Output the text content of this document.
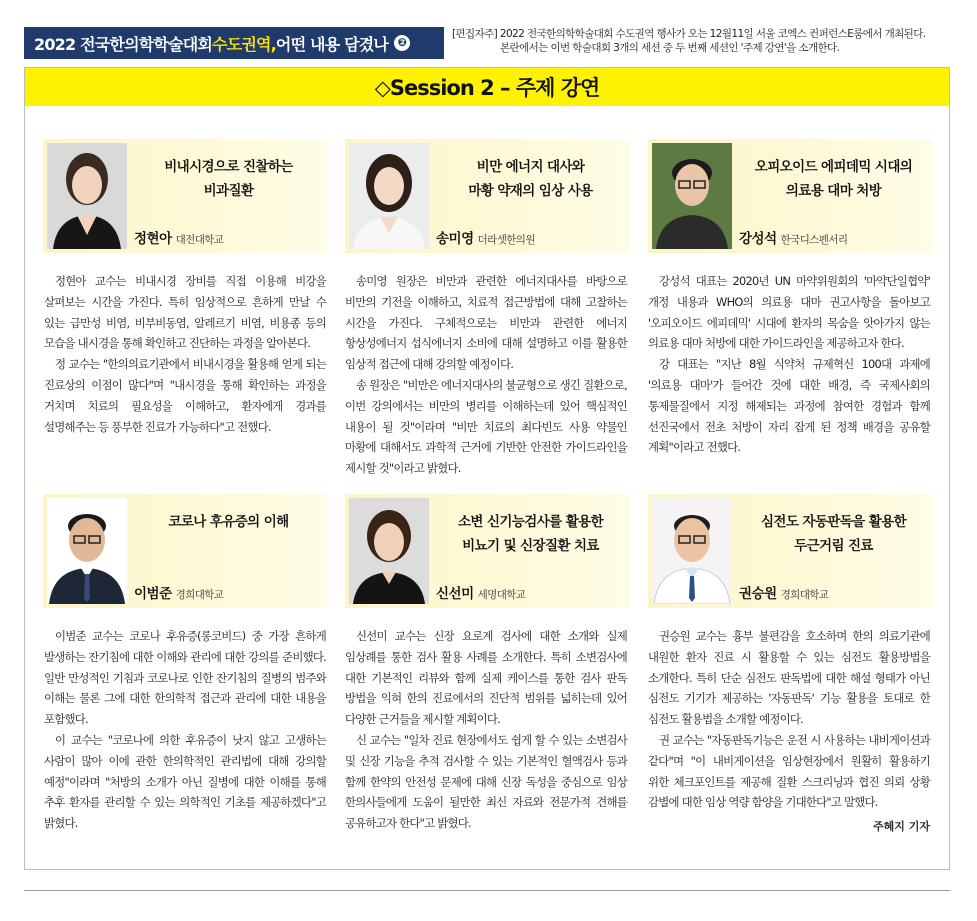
2022 전국한의학학술대회 수도권역, 어떤 내용 담겼나 ❷
[편집자주] 2022 전국한의학학술대회 수도권역 행사가 오는 12월11일 서울 코엑스 컨퍼런스E룸에서 개최된다.
본란에서는 이번 학술대회 3개의 세션 중 두 번째 세션인 '주제 강연'을 소개한다.
◇Session 2 – 주제 강연
비내시경으로 진찰하는
비과질환
정현아 대전대학교
비만 에너지 대사와
마황 약재의 임상 사용
송미영 더라셋한의원
오피오이드 에피데믹 시대의
의료용 대마 처방
강성석 한국디스펜서리
코로나 후유증의 이해
이범준 경희대학교
소변 신기능검사를 활용한
비뇨기 및 신장질환 치료
신선미 세명대학교
심전도 자동판독을 활용한
두근거림 진료
권승원 경희대학교

정현아 교수는 비내시경 장비를 직접 이용해 비강을 살펴보는 시간을 가진다. 특히 임상적으로 흔하게 만날 수 있는 급만성 비염, 비부비동염, 알레르기 비염, 비용종 등의 모습을 내시경을 통해 확인하고 진단하는 과정을 알아본다.

정 교수는 "한의의료기관에서 비내시경을 활용해 얻게 되는 진료상의 이점이 많다"며 "내시경을 통해 확인하는 과정을 거치며 치료의 필요성을 이해하고, 환자에게 경과를 설명해주는 등 풍부한 진료가 가능하다"고 전했다.

송미영 원장은 비만과 관련한 에너지대사를 바탕으로 비만의 기전을 이해하고, 치료적 접근방법에 대해 고찰하는 시간을 가진다. 구체적으로는 비만과 관련한 에너지 항상성에너지 섭식에너지 소비에 대해 설명하고 이를 활용한 임상적 접근에 대해 강의할 예정이다.

송 원장은 "비만은 에너지대사의 불균형으로 생긴 질환으로, 이번 강의에서는 비만의 병리를 이해하는데 있어 핵심적인 내용이 될 것"이라며 "비만 치료의 최다빈도 사용 약물인 마황에 대해서도 과학적 근거에 기반한 안전한 가이드라인을 제시할 것"이라고 밝혔다.

강성석 대표는 2020년 UN 마약위원회의 '마약단일협약' 개정 내용과 WHO의 의료용 대마 권고사항을 돌아보고 '오피오이드 에피데믹' 시대에 환자의 목숨을 앗아가지 않는 의료용 대마 처방에 대한 가이드라인을 제공하고자 한다.

강 대표는 "지난 8월 식약처 규제혁신 100대 과제에 '의료용 대마'가 들어간 것에 대한 배경, 즉 국제사회의 통제물질에서 지정 해제되는 과정에 참여한 경험과 함께 선진국에서 전초 처방이 자리 잡게 된 정책 배경을 공유할 계획"이라고 전했다.

이범준 교수는 코로나 후유증(롱코비드) 중 가장 흔하게 발생하는 잔기침에 대한 이해와 관리에 대한 강의를 준비했다. 일반 만성적인 기침과 코로나로 인한 잔기침의 질병의 범주와 이해는 물론 그에 대한 한의학적 접근과 관리에 대한 내용을 포함했다.

이 교수는 "코로나에 의한 후유증이 낫지 않고 고생하는 사람이 많아 이에 관한 한의학적인 관리법에 대해 강의할 예정"이라며 "처방의 소개가 아닌 질병에 대한 이해를 통해 추후 환자를 관리할 수 있는 의학적인 기초를 제공하겠다"고 밝혔다.

신선미 교수는 신장 요로계 검사에 대한 소개와 실제 임상례를 통한 검사 활용 사례를 소개한다. 특히 소변검사에 대한 기본적인 리뷰와 함께 실제 케이스를 통한 검사 판독 방법을 익혀 한의 진료에서의 진단적 범위를 넓히는데 있어 다양한 근거들을 제시할 계획이다.

신 교수는 "일차 진료 현장에서도 쉽게 할 수 있는 소변검사 및 신장 기능을 추적 검사할 수 있는 기본적인 혈액검사 등과 함께 한약의 안전성 문제에 대해 신장 독성을 중심으로 임상 한의사들에게 도움이 될만한 최신 자료와 전문가적 견해를 공유하고자 한다"고 밝혔다.

권승원 교수는 흉부 불편감을 호소하며 한의 의료기관에 내원한 환자 진료 시 활용할 수 있는 심전도 활용방법을 소개한다. 특히 단순 심전도 판독법에 대한 해설 형태가 아닌 심전도 기기가 제공하는 '자동판독' 기능 활용을 토대로 한 심전도 활용법을 소개할 예정이다.

권 교수는 "자동판독기능은 운전 시 사용하는 내비게이션과 같다"며 "이 내비게이션을 임상현장에서 원활히 활용하기 위한 체크포인트를 제공해 질환 스크리닝과 협진 의뢰 상황 감별에 대한 임상 역량 함양을 기대한다"고 말했다.

주혜지 기자
